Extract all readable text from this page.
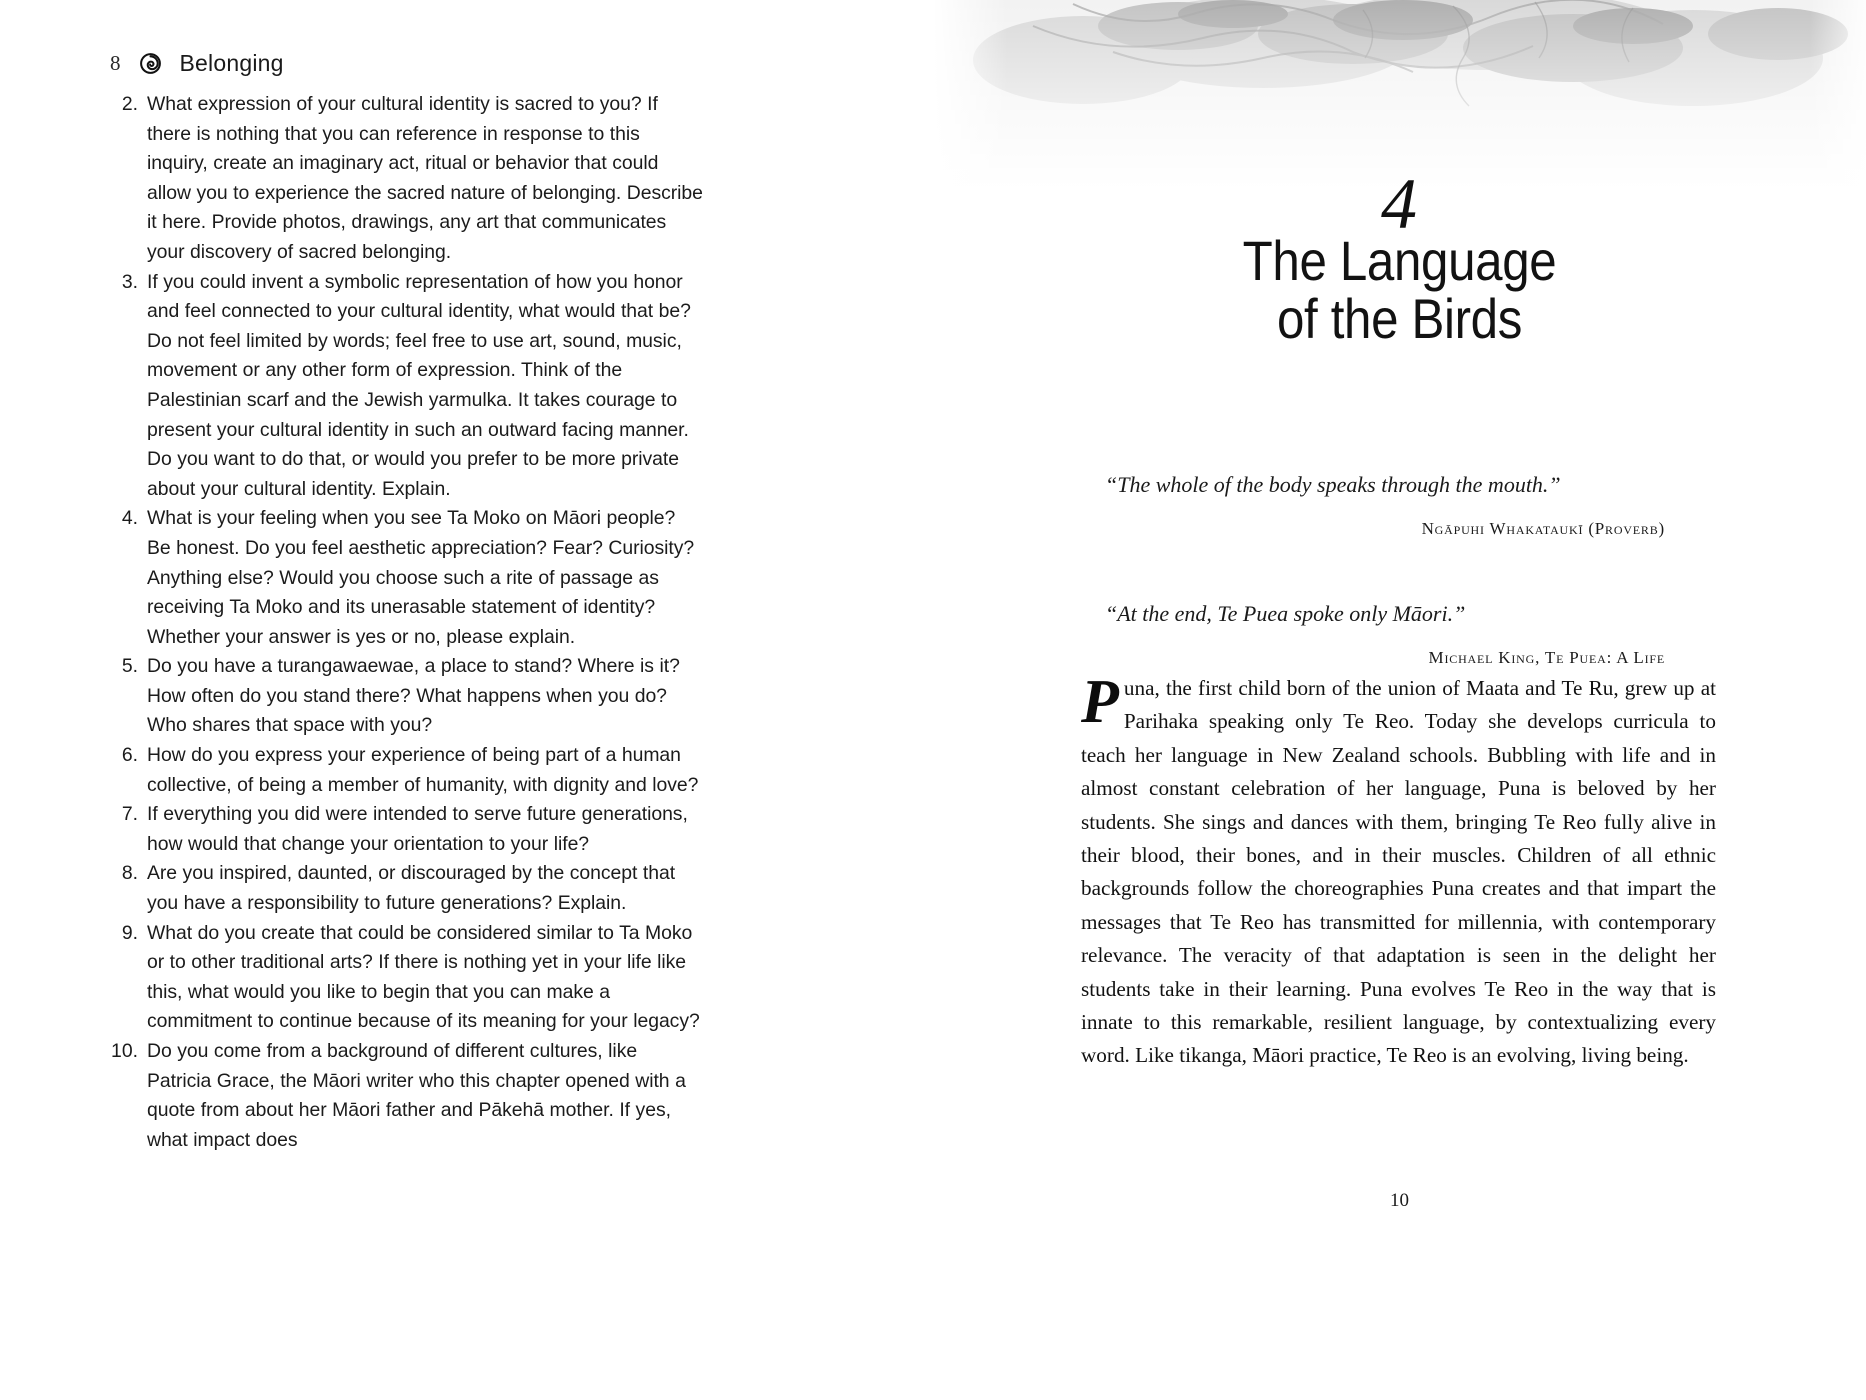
8	Belonging
2. What expression of your cultural identity is sacred to you? If there is nothing that you can reference in response to this inquiry, create an imaginary act, ritual or behavior that could allow you to experience the sacred nature of belonging. Describe it here. Provide photos, drawings, any art that communicates your discovery of sacred belonging.
3. If you could invent a symbolic representation of how you honor and feel connected to your cultural identity, what would that be? Do not feel limited by words; feel free to use art, sound, music, movement or any other form of expression. Think of the Palestinian scarf and the Jewish yarmulka. It takes courage to present your cultural identity in such an outward facing manner. Do you want to do that, or would you prefer to be more private about your cultural identity. Explain.
4. What is your feeling when you see Ta Moko on Māori people? Be honest. Do you feel aesthetic appreciation? Fear? Curiosity? Anything else? Would you choose such a rite of passage as receiving Ta Moko and its unerasable statement of identity? Whether your answer is yes or no, please explain.
5. Do you have a turangawaewae, a place to stand? Where is it? How often do you stand there? What happens when you do? Who shares that space with you?
6. How do you express your experience of being part of a human collective, of being a member of humanity, with dignity and love?
7. If everything you did were intended to serve future generations, how would that change your orientation to your life?
8. Are you inspired, daunted, or discouraged by the concept that you have a responsibility to future generations? Explain.
9. What do you create that could be considered similar to Ta Moko or to other traditional arts? If there is nothing yet in your life like this, what would you like to begin that you can make a commitment to continue because of its meaning for your legacy?
10. Do you come from a background of different cultures, like Patricia Grace, the Māori writer who this chapter opened with a quote from about her Māori father and Pākehā mother. If yes, what impact does
4
The Language
of the Birds

“The whole of the body speaks through the mouth.”

Ngāpuhi Whakataukī (Proverb)

“At the end, Te Puea spoke only Māori.”

Michael King, Te Puea: A Life

Puna, the first child born of the union of Maata and Te Ru, grew up at Parihaka speaking only Te Reo. Today she develops curricula to teach her language in New Zealand schools. Bubbling with life and in almost constant celebration of her language, Puna is beloved by her students. She sings and dances with them, bringing Te Reo fully alive in their blood, their bones, and in their muscles. Children of all ethnic backgrounds follow the choreographies Puna creates and that impart the messages that Te Reo has transmitted for millennia, with contemporary relevance. The veracity of that adaptation is seen in the delight her students take in their learning. Puna evolves Te Reo in the way that is innate to this remarkable, resilient language, by contextualizing every word. Like tikanga, Māori practice, Te Reo is an evolving, living being.
10
